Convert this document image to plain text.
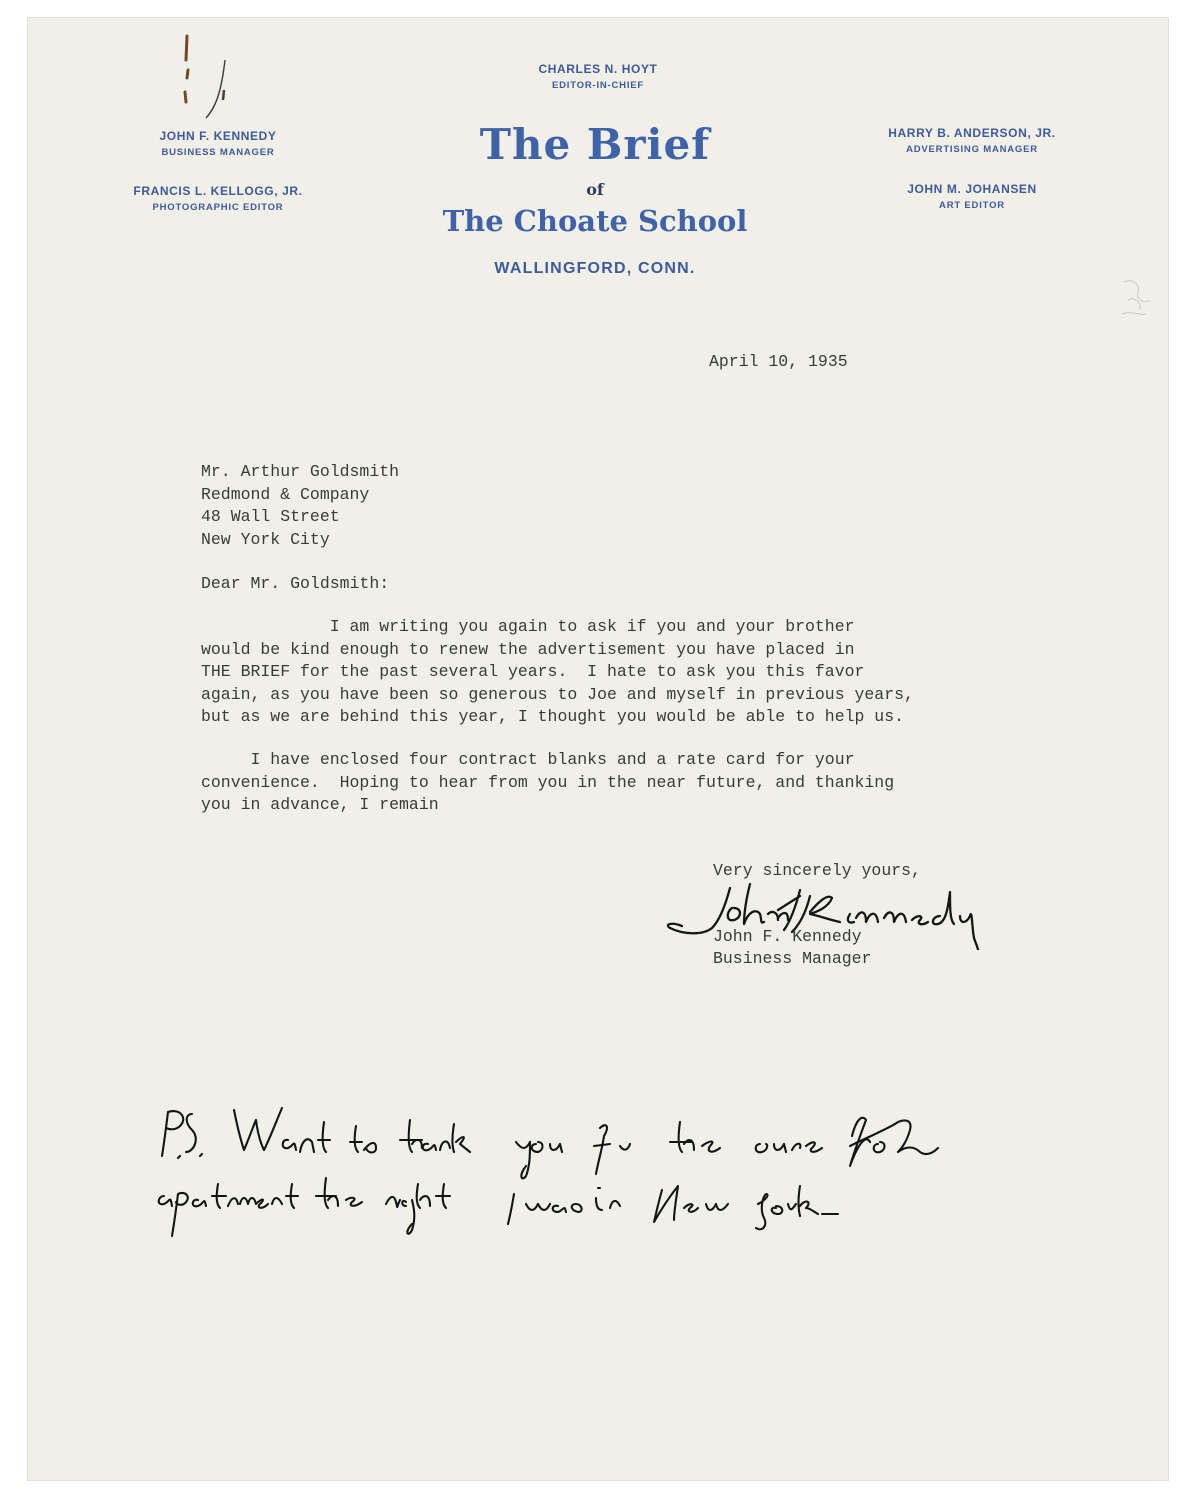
CHARLES N. HOYT
EDITOR-IN-CHIEF
JOHN F. KENNEDY
BUSINESS MANAGER
FRANCIS L. KELLOGG, JR.
PHOTOGRAPHIC EDITOR
HARRY B. ANDERSON, JR.
ADVERTISING MANAGER
JOHN M. JOHANSEN
ART EDITOR
The Brief
of
The Choate School
WALLINGFORD, CONN.
April 10, 1935
Mr. Arthur Goldsmith
Redmond & Company
48 Wall Street
New York City
Dear Mr. Goldsmith:
I am writing you again to ask if you and your brother
would be kind enough to renew the advertisement you have placed in
THE BRIEF for the past several years.  I hate to ask you this favor
again, as you have been so generous to Joe and myself in previous years,
but as we are behind this year, I thought you would be able to help us.
I have enclosed four contract blanks and a rate card for your
convenience.  Hoping to hear from you in the near future, and thanking
you in advance, I remain
Very sincerely yours,
John F. Kennedy
Business Manager
